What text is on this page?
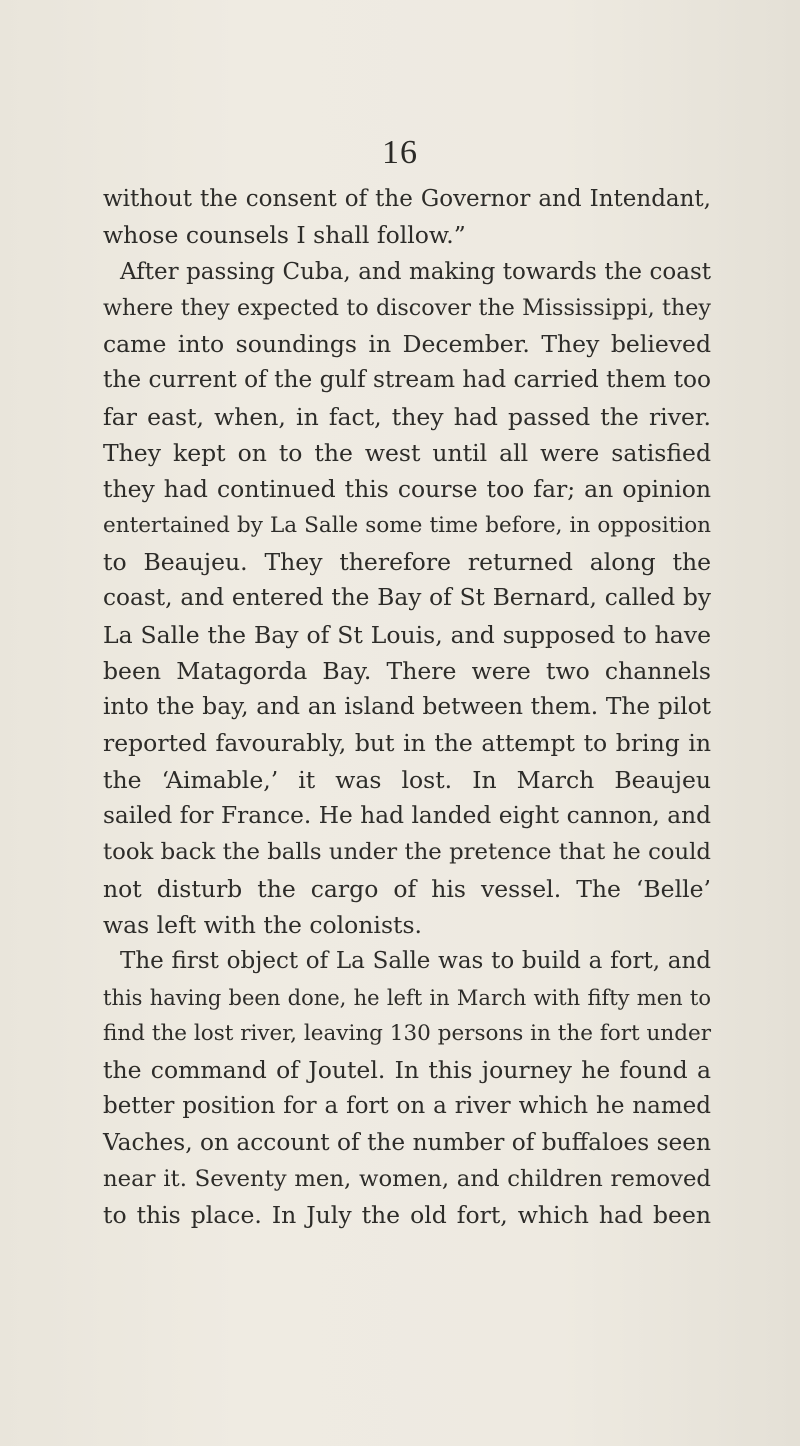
16
without the consent of the Governor and Intendant,
whose counsels I shall follow.”
After passing Cuba, and making towards the coast
where they expected to discover the Mississippi, they
came into soundings in December. They believed
the current of the gulf stream had carried them too
far east, when, in fact, they had passed the river.
They kept on to the west until all were satisfied
they had continued this course too far; an opinion
entertained by La Salle some time before, in opposition
to Beaujeu. They therefore returned along the
coast, and entered the Bay of St Bernard, called by
La Salle the Bay of St Louis, and supposed to have
been Matagorda Bay. There were two channels
into the bay, and an island between them. The pilot
reported favourably, but in the attempt to bring in
the ‘Aimable,’ it was lost. In March Beaujeu
sailed for France. He had landed eight cannon, and
took back the balls under the pretence that he could
not disturb the cargo of his vessel. The ‘Belle’
was left with the colonists.
The first object of La Salle was to build a fort, and
this having been done, he left in March with fifty men to
find the lost river, leaving 130 persons in the fort under
the command of Joutel. In this journey he found a
better position for a fort on a river which he named
Vaches, on account of the number of buffaloes seen
near it. Seventy men, women, and children removed
to this place. In July the old fort, which had been
